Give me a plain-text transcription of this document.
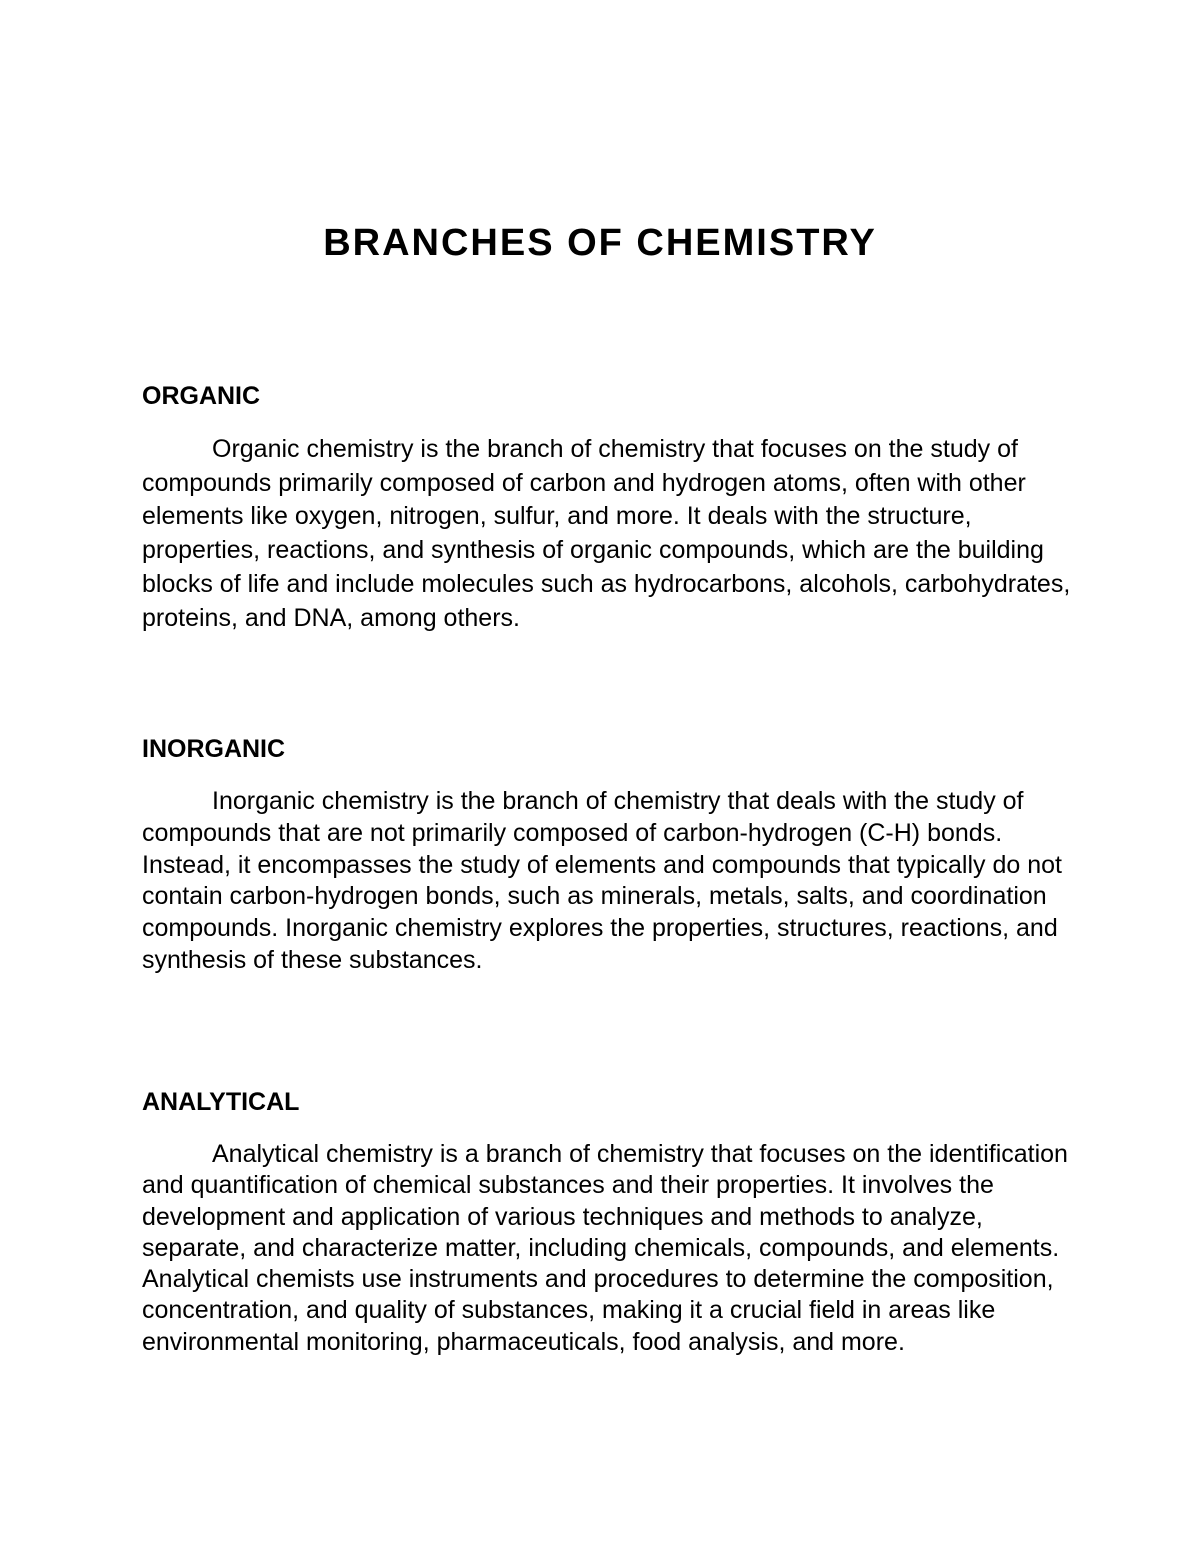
BRANCHES OF CHEMISTRY
ORGANIC

Organic chemistry is the branch of chemistry that focuses on the study of compounds primarily composed of carbon and hydrogen atoms, often with other elements like oxygen, nitrogen, sulfur, and more. It deals with the structure, properties, reactions, and synthesis of organic compounds, which are the building blocks of life and include molecules such as hydrocarbons, alcohols, carbohydrates, proteins, and DNA, among others.

INORGANIC

Inorganic chemistry is the branch of chemistry that deals with the study of compounds that are not primarily composed of carbon-hydrogen (C-H) bonds. Instead, it encompasses the study of elements and compounds that typically do not contain carbon-hydrogen bonds, such as minerals, metals, salts, and coordination compounds. Inorganic chemistry explores the properties, structures, reactions, and synthesis of these substances.

ANALYTICAL

Analytical chemistry is a branch of chemistry that focuses on the identification and quantification of chemical substances and their properties. It involves the development and application of various techniques and methods to analyze, separate, and characterize matter, including chemicals, compounds, and elements. Analytical chemists use instruments and procedures to determine the composition, concentration, and quality of substances, making it a crucial field in areas like environmental monitoring, pharmaceuticals, food analysis, and more.
